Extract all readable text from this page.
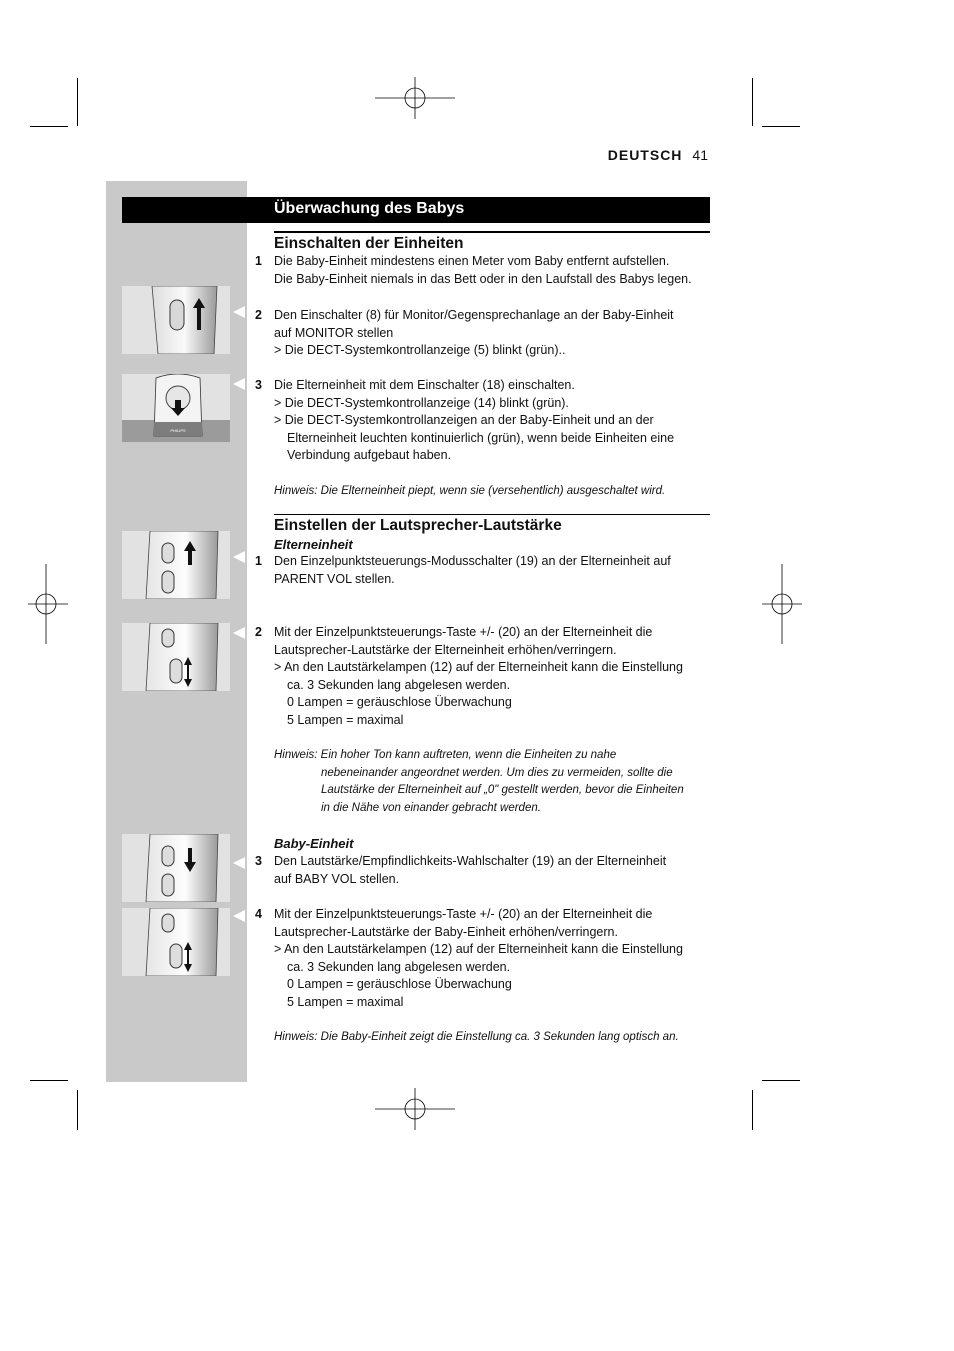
DEUTSCH 41
Überwachung des Babys
PHILIPS
Einschalten der Einheiten
1 Die Baby-Einheit mindestens einen Meter vom Baby entfernt aufstellen.
Die Baby-Einheit niemals in das Bett oder in den Laufstall des Babys legen.
2 Den Einschalter (8) für Monitor/Gegensprechanlage an der Baby-Einheit
auf MONITOR stellen
> Die DECT-Systemkontrollanzeige (5) blinkt (grün)..
3 Die Elterneinheit mit dem Einschalter (18) einschalten.
> Die DECT-Systemkontrollanzeige (14) blinkt (grün).
> Die DECT-Systemkontrollanzeigen an der Baby-Einheit und an der
Elterneinheit leuchten kontinuierlich (grün), wenn beide Einheiten eine
Verbindung aufgebaut haben.
Hinweis: Die Elterneinheit piept, wenn sie (versehentlich) ausgeschaltet wird.
Einstellen der Lautsprecher-Lautstärke
Elterneinheit
1 Den Einzelpunktsteuerungs-Modusschalter (19) an der Elterneinheit auf
PARENT VOL stellen.
2 Mit der Einzelpunktsteuerungs-Taste +/- (20) an der Elterneinheit die
Lautsprecher-Lautstärke der Elterneinheit erhöhen/verringern.
> An den Lautstärkelampen (12) auf der Elterneinheit kann die Einstellung
ca. 3 Sekunden lang abgelesen werden.
0 Lampen = geräuschlose Überwachung
5 Lampen = maximal
Hinweis: Ein hoher Ton kann auftreten, wenn die Einheiten zu nahe
nebeneinander angeordnet werden. Um dies zu vermeiden, sollte die
Lautstärke der Elterneinheit auf „0" gestellt werden, bevor die Einheiten
in die Nähe von einander gebracht werden.
Baby-Einheit
3 Den Lautstärke/Empfindlichkeits-Wahlschalter (19) an der Elterneinheit
auf BABY VOL stellen.
4 Mit der Einzelpunktsteuerungs-Taste +/- (20) an der Elterneinheit die
Lautsprecher-Lautstärke der Baby-Einheit erhöhen/verringern.
> An den Lautstärkelampen (12) auf der Elterneinheit kann die Einstellung
ca. 3 Sekunden lang abgelesen werden.
0 Lampen = geräuschlose Überwachung
5 Lampen = maximal
Hinweis: Die Baby-Einheit zeigt die Einstellung ca. 3 Sekunden lang optisch an.
